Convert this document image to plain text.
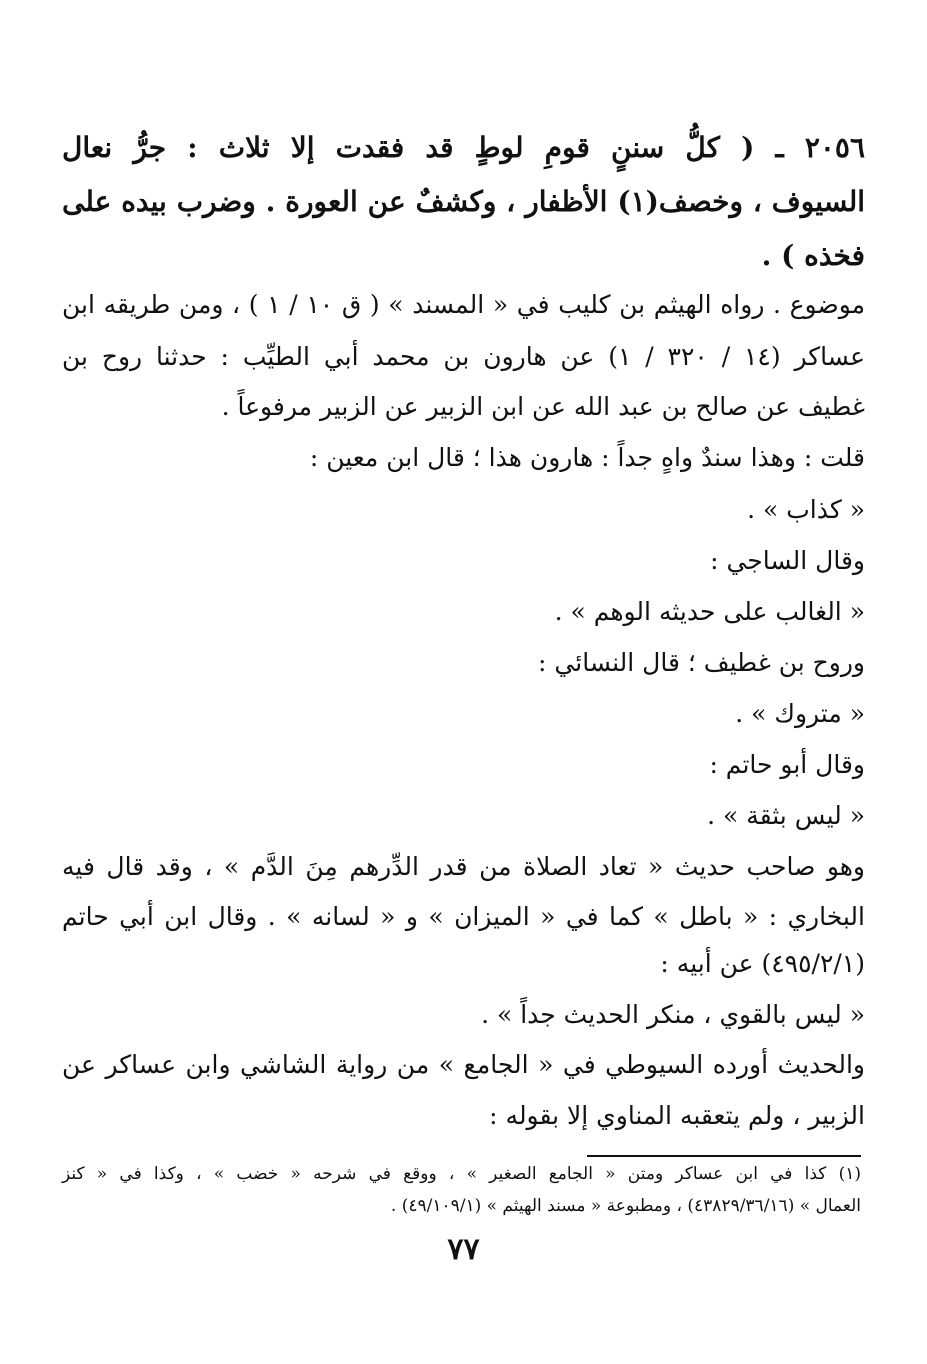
٢٠٥٦ ـ ( كلُّ سننٍ قومِ لوطٍ قد فقدت إلا ثلاث : جرُّ نعال
السيوف ، وخصف(١) الأظفار ، وكشفٌ عن العورة . وضرب بيده على
فخذه ) .
موضوع . رواه الهيثم بن كليب في « المسند » ( ق ١٠ / ١ ) ، ومن طريقه ابن
عساكر (١٤ / ٣٢٠ / ١) عن هارون بن محمد أبي الطيِّب : حدثنا روح بن
غطيف عن صالح بن عبد الله عن ابن الزبير عن الزبير مرفوعاً .
قلت : وهذا سندٌ واهٍ جداً : هارون هذا ؛ قال ابن معين :
« كذاب » .
وقال الساجي :
« الغالب على حديثه الوهم » .
وروح بن غطيف ؛ قال النسائي :
« متروك » .
وقال أبو حاتم :
« ليس بثقة » .
وهو صاحب حديث « تعاد الصلاة من قدر الدِّرهم مِنَ الدَّم » ، وقد قال فيه
البخاري : « باطل » كما في « الميزان » و « لسانه » . وقال ابن أبي حاتم
(٤٩٥/٢/١) عن أبيه :
« ليس بالقوي ، منكر الحديث جداً » .
والحديث أورده السيوطي في « الجامع » من رواية الشاشي وابن عساكر عن
الزبير ، ولم يتعقبه المناوي إلا بقوله :
(١) كذا في ابن عساكر ومتن « الجامع الصغير » ، ووقع في شرحه « خضب » ، وكذا في « كنز
العمال » (٤٣٨٢٩/٣٦/١٦) ، ومطبوعة « مسند الهيثم » (٤٩/١٠٩/١) .
٧٧
